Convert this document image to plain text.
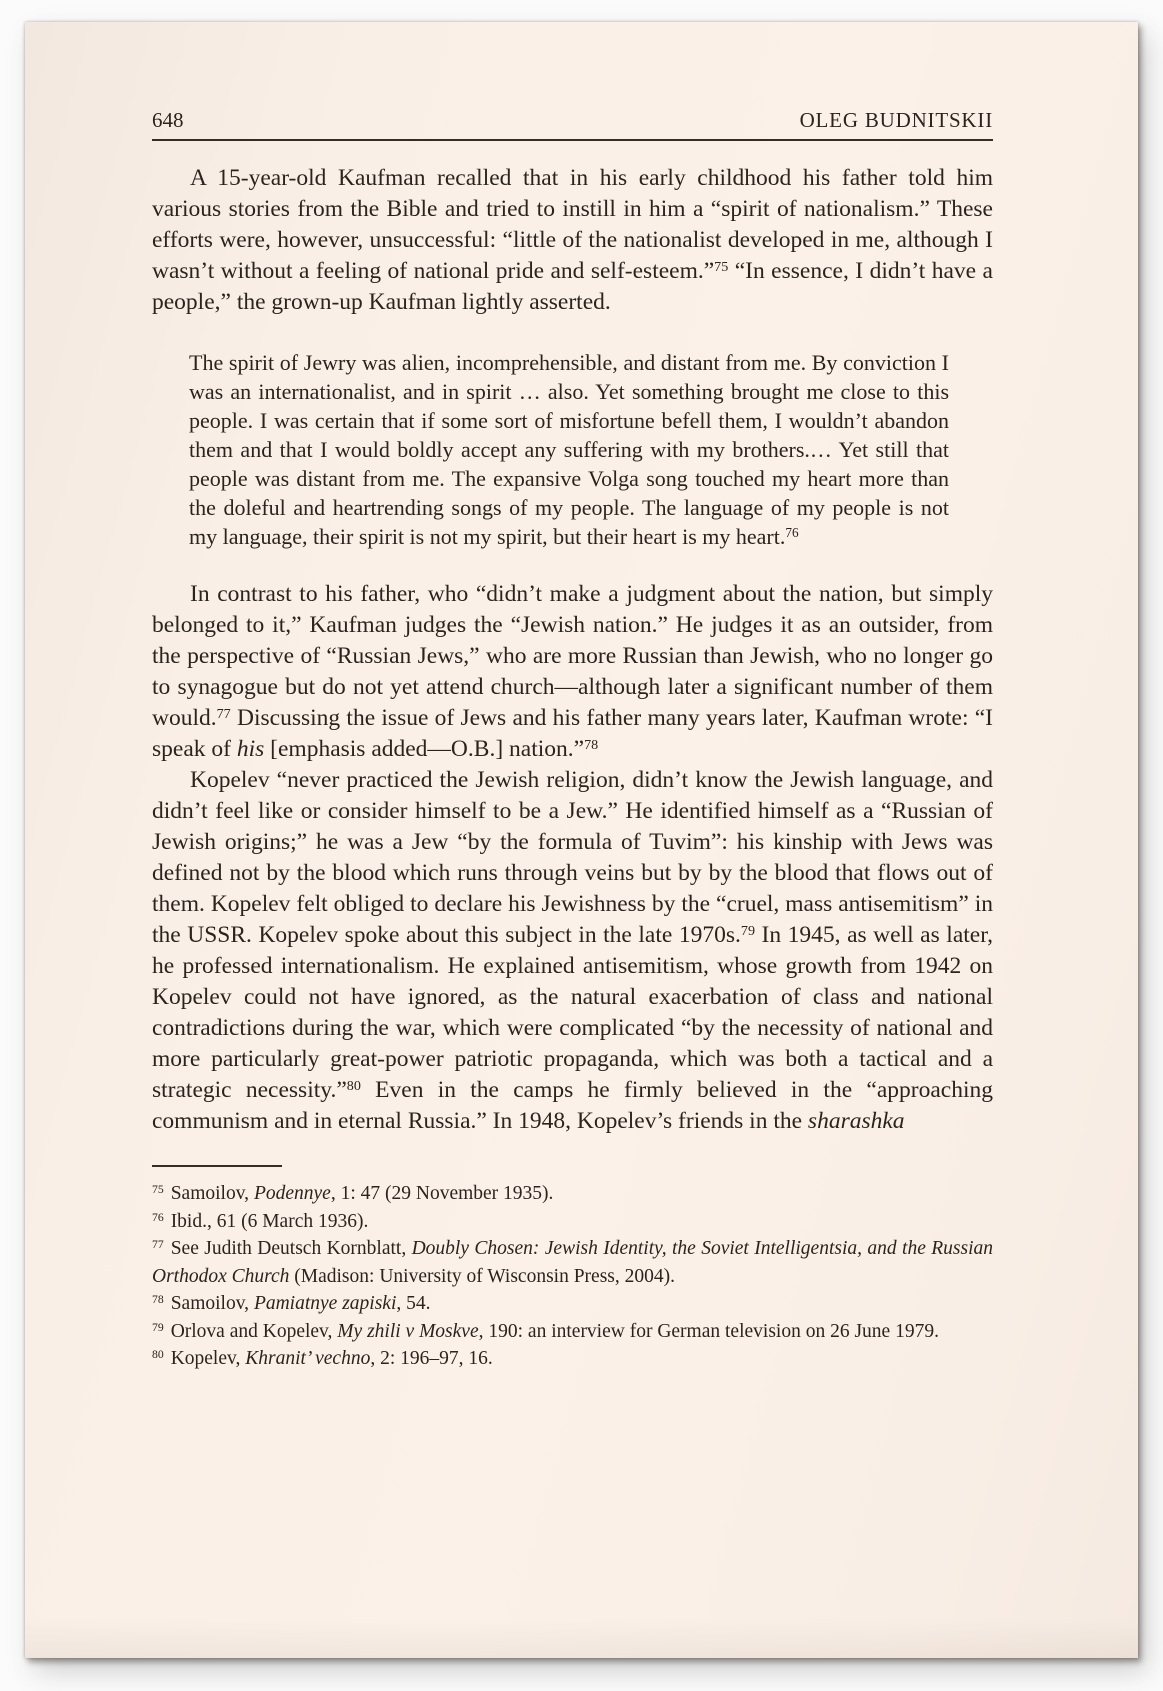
648	OLEG BUDNITSKII

A 15-year-old Kaufman recalled that in his early childhood his father told him various stories from the Bible and tried to instill in him a “spirit of nationalism.” These efforts were, however, unsuccessful: “little of the nationalist developed in me, although I wasn’t without a feeling of national pride and self-esteem.”$^{75}$ “In essence, I didn’t have a people,” the grown-up Kaufman lightly asserted.

The spirit of Jewry was alien, incomprehensible, and distant from me. By conviction I was an internationalist, and in spirit … also. Yet something brought me close to this people. I was certain that if some sort of misfortune befell them, I wouldn’t abandon them and that I would boldly accept any suffering with my brothers.… Yet still that people was distant from me. The expansive Volga song touched my heart more than the doleful and heartrending songs of my people. The language of my people is not my language, their spirit is not my spirit, but their heart is my heart.$^{76}$

In contrast to his father, who “didn’t make a judgment about the nation, but simply belonged to it,” Kaufman judges the “Jewish nation.” He judges it as an outsider, from the perspective of “Russian Jews,” who are more Russian than Jewish, who no longer go to synagogue but do not yet attend church—although later a significant number of them would.$^{77}$ Discussing the issue of Jews and his father many years later, Kaufman wrote: “I speak of his [emphasis added—O.B.] nation.”$^{78}$

Kopelev “never practiced the Jewish religion, didn’t know the Jewish language, and didn’t feel like or consider himself to be a Jew.” He identified himself as a “Russian of Jewish origins;” he was a Jew “by the formula of Tuvim”: his kinship with Jews was defined not by the blood which runs through veins but by by the blood that flows out of them. Kopelev felt obliged to declare his Jewishness by the “cruel, mass antisemitism” in the USSR. Kopelev spoke about this subject in the late 1970s.$^{79}$ In 1945, as well as later, he professed internationalism. He explained antisemitism, whose growth from 1942 on Kopelev could not have ignored, as the natural exacerbation of class and national contradictions during the war, which were complicated “by the necessity of national and more particularly great-power patriotic propaganda, which was both a tactical and a strategic necessity.”$^{80}$ Even in the camps he firmly believed in the “approaching communism and in eternal Russia.” In 1948, Kopelev’s friends in the sharashka

$^{75}$ Samoilov, Podennye, 1: 47 (29 November 1935).

$^{76}$ Ibid., 61 (6 March 1936).

$^{77}$ See Judith Deutsch Kornblatt, Doubly Chosen: Jewish Identity, the Soviet Intelligentsia, and the Russian Orthodox Church (Madison: University of Wisconsin Press, 2004).

$^{78}$ Samoilov, Pamiatnye zapiski, 54.

$^{79}$ Orlova and Kopelev, My zhili v Moskve, 190: an interview for German television on 26 June 1979.

$^{80}$ Kopelev, Khranit’ vechno, 2: 196–97, 16.
